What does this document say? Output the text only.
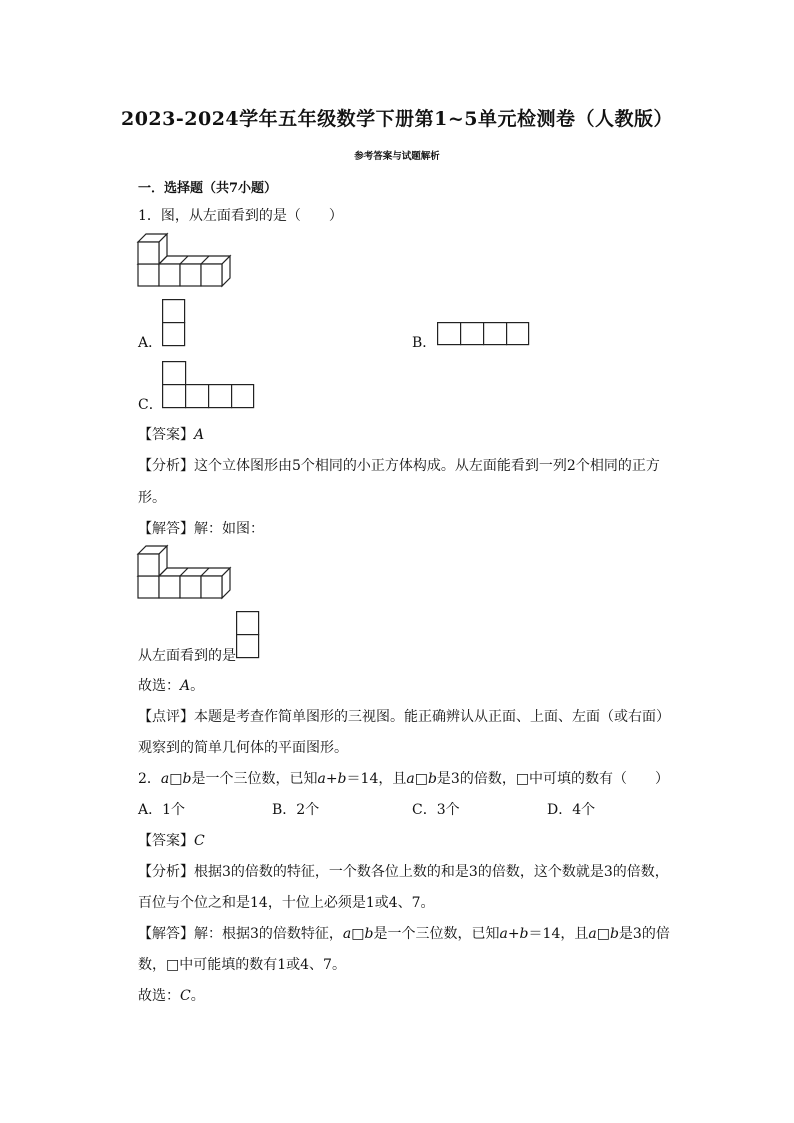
2023-2024学年五年级数学下册第1~5单元检测卷（人教版）
参考答案与试题解析
一．选择题（共7小题）
1．图，从左面看到的是（　　）
A．	B．
C．
【答案】A
【分析】这个立体图形由5个相同的小正方体构成。从左面能看到一列2个相同的正方
形。
【解答】解：如图：
从左面看到的是
故选：A。
【点评】本题是考查作简单图形的三视图。能正确辨认从正面、上面、左面（或右面）
观察到的简单几何体的平面图形。
2．a□b是一个三位数，已知a+b＝14，且a□b是3的倍数，□中可填的数有（　　）
A．1个	B．2个	C．3个	D．4个
【答案】C
【分析】根据3的倍数的特征，一个数各位上数的和是3的倍数，这个数就是3的倍数，
百位与个位之和是14，十位上必须是1或4、7。
【解答】解：根据3的倍数特征，a□b是一个三位数，已知a+b＝14，且a□b是3的倍
数，□中可能填的数有1或4、7。
故选：C。
